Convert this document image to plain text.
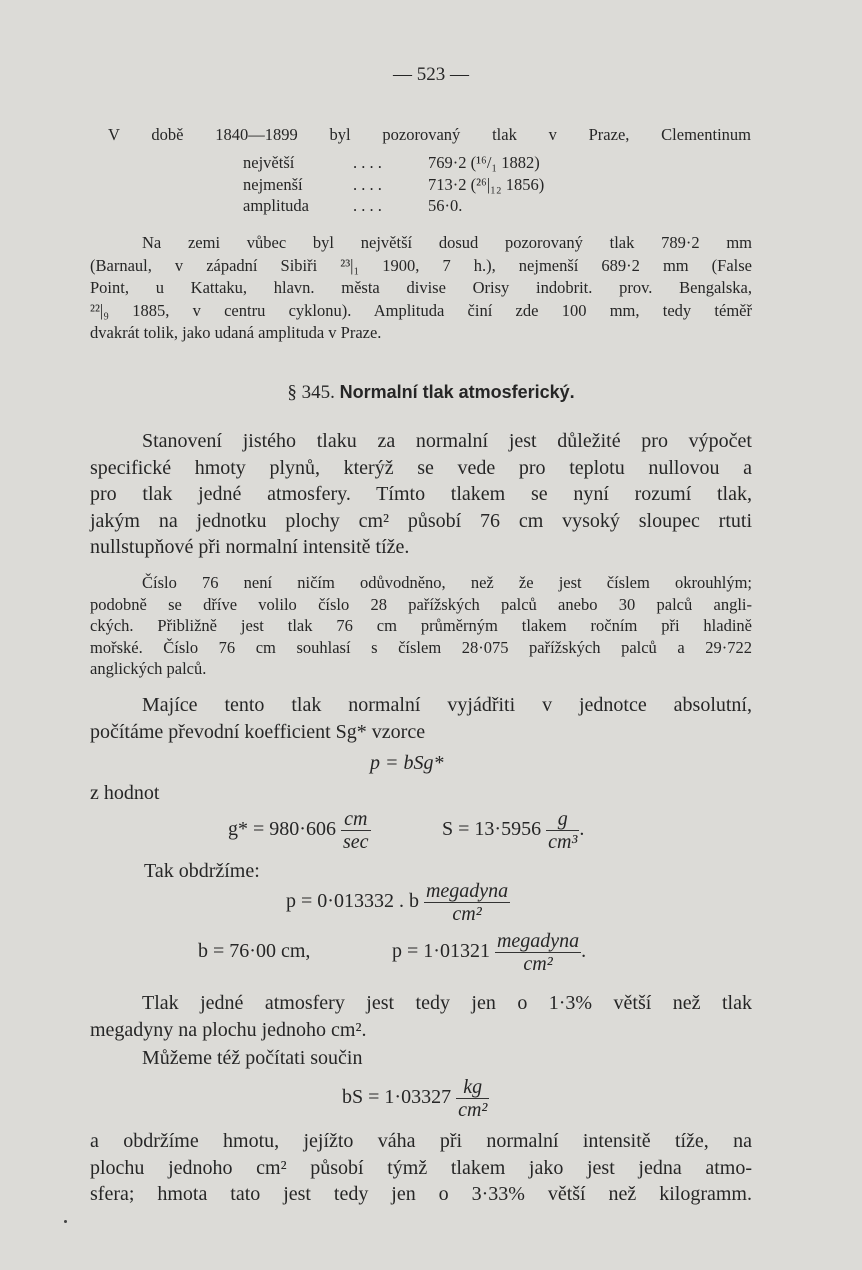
— 523 —
V době 1840—1899 byl pozorovaný tlak v Praze, Clementinum
největší	. . . .	769·2 (¹⁶/₁ 1882)
nejmenší	. . . .	713·2 (²⁶|₁₂ 1856)
amplituda	. . . .	56·0.
Na zemi vůbec byl největší dosud pozorovaný tlak 789·2 mm
(Barnaul, v západní Sibiři ²³|₁ 1900, 7 h.), nejmenší 689·2 mm (False
Point, u Kattaku, hlavn. města divise Orisy indobrit. prov. Bengalska,
²²|₉ 1885, v centru cyklonu). Amplituda činí zde 100 mm, tedy téměř
dvakrát tolik, jako udaná amplituda v Praze.
§ 345. Normalní tlak atmosferický.
Stanovení jistého tlaku za normalní jest důležité pro výpočet
specifické hmoty plynů, kterýž se vede pro teplotu nullovou a
pro tlak jedné atmosfery. Tímto tlakem se nyní rozumí tlak,
jakým na jednotku plochy cm² působí 76 cm vysoký sloupec rtuti
nullstupňové při normalní intensitě tíže.
Číslo 76 není ničím odůvodněno, než že jest číslem okrouhlým;
podobně se dříve volilo číslo 28 pařížských palců anebo 30 palců angli-
ckých. Přibližně jest tlak 76 cm průměrným tlakem ročním při hladině
mořské. Číslo 76 cm souhlasí s číslem 28·075 pařížských palců a 29·722
anglických palců.
Majíce tento tlak normalní vyjádřiti v jednotce absolutní,
počítáme převodní koefficient Sg* vzorce
p = bSg*
z hodnot
$g* = 980\cdot 606 \frac{cm}{\sec}$	$S = 13\cdot 5956 \frac{g}{\text{cm³}}$ .
Tak obdržíme:
p = 0·013332 . b $\frac{\text{megadyna}}{\text{cm²}}$
b = 76·00 cm,	$p = 1\cdot 01321 \frac{\text{megadyna}}{\text{cm²}}$ .
Tlak jedné atmosfery jest tedy jen o 1·3% větší než tlak
megadyny na plochu jednoho cm².
Můžeme též počítati součin
bS = $1\cdot 03327 \frac{kg}{\text{cm²}}$
a obdržíme hmotu, jejížto váha při normalní intensitě tíže, na
plochu jednoho cm² působí týmž tlakem jako jest jedna atmo-
sfera; hmota tato jest tedy jen o 3·33% větší než kilogramm.
